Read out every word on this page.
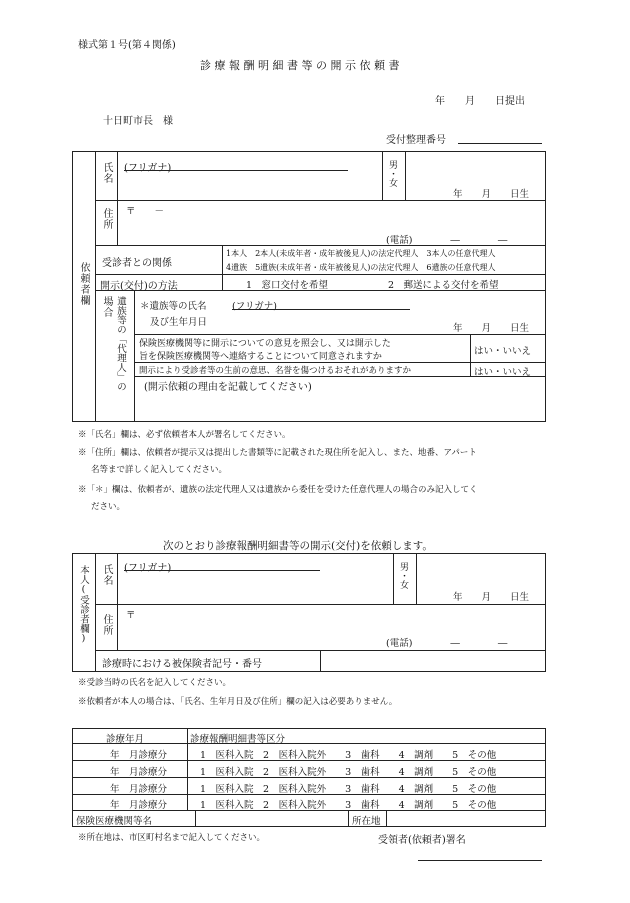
様式第１号(第４関係)
診 療 報 酬 明 細 書 等 の 開 示 依 頼 書
年　　月　　日提出
十日町市長　様
受付整理番号
依頼者欄
氏名 (フリガナ)	男・女
年　　月　　日生
住所 〒　　－
(電話)　　　　―　　　　―
受診者との関係
1本人　2本人(未成年者・成年被後見人)の法定代理人　3本人の任意代理人
4遺族　5遺族(未成年者・成年被後見人)の法定代理人　6遺族の任意代理人
開示(交付)の方法	1　窓口交付を希望	2　郵送による交付を希望
場合 遺族等の「代理人」の ＊遺族等の氏名	(フリガナ)
及び生年月日
年　　月　　日生
保険医療機関等に開示についての意見を照会し、又は開示した
旨を保険医療機関等へ連絡することについて同意されますか	はい・いいえ
開示により受診者等の生前の意思、名誉を傷つけるおそれがありますか	はい・いいえ
(開示依頼の理由を記載してください)
※「氏名」欄は、必ず依頼者本人が署名してください。
※「住所」欄は、依頼者が提示又は提出した書類等に記載された現住所を記入し、また、地番、アパート
名等まで詳しく記入してください。
※「＊」欄は、依頼者が、遺族の法定代理人又は遺族から委任を受けた任意代理人の場合のみ記入してく
ださい。
次のとおり診療報酬明細書等の開示(交付)を依頼します。
本人(受診者欄) 氏名 (フリガナ)	男・女
年　　月　　日生
住所 〒
(電話)　　　　―　　　　―
診療時における被保険者記号・番号
※受診当時の氏名を記入してください。
※依頼者が本人の場合は、「氏名、生年月日及び住所」欄の記入は必要ありません。
診療年月	診療報酬明細書等区分
年　月診療分	1　医科入院　2　医科入院外　　3　歯科　　4　調剤　　5　その他
年　月診療分	1　医科入院　2　医科入院外　　3　歯科　　4　調剤　　5　その他
年　月診療分	1　医科入院　2　医科入院外　　3　歯科　　4　調剤　　5　その他
年　月診療分	1　医科入院　2　医科入院外　　3　歯科　　4　調剤　　5　その他
保険医療機関等名	所在地
※所在地は、市区町村名まで記入してください。	受領者(依頼者)署名
